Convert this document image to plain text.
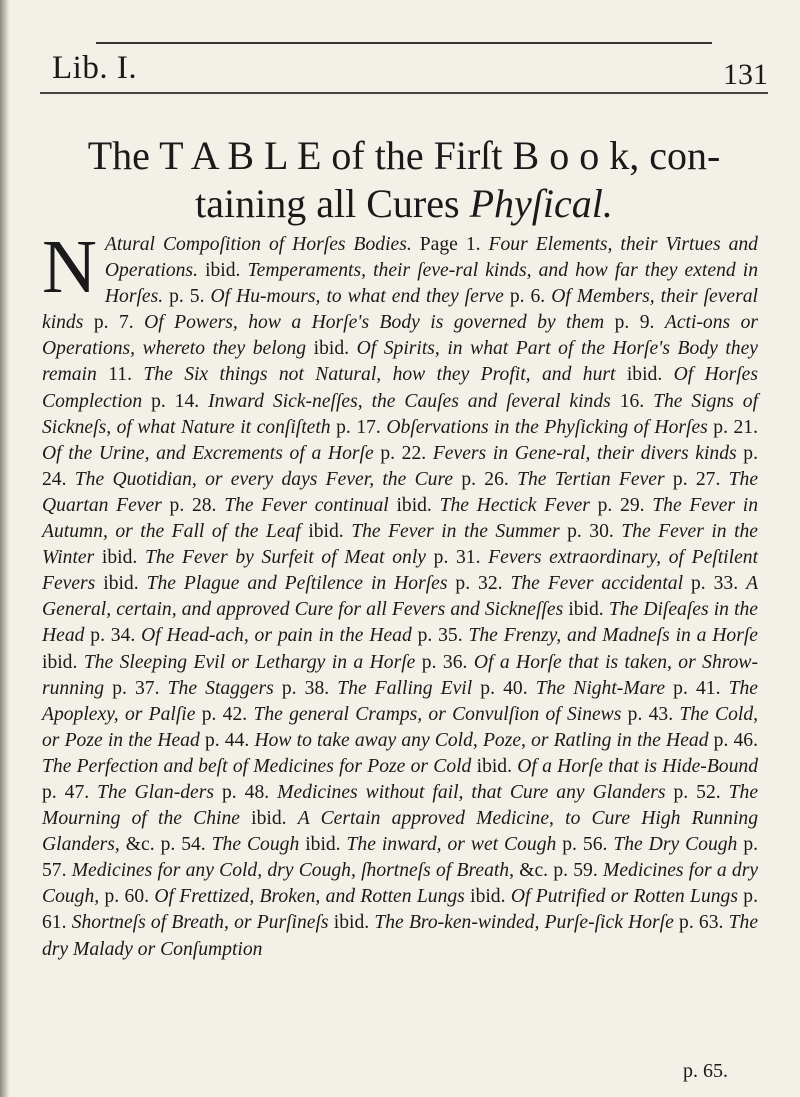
Lib. I.	131
The T A B L E of the Firſt B o o k, con-
taining all Cures Phyſical.
N Atural Compoſition of Horſes Bodies. Page 1. Four Elements, their Virtues and Operations. ibid. Temperaments, their ſeve-ral kinds, and how far they extend in Horſes. p. 5. Of Hu-mours, to what end they ſerve p. 6. Of Members, their ſeveral kinds p. 7. Of Powers, how a Horſe's Body is governed by them p. 9. Acti-ons or Operations, whereto they belong ibid. Of Spirits, in what Part of the Horſe's Body they remain 11. The Six things not Natural, how they Profit, and hurt ibid. Of Horſes Complection p. 14. Inward Sick-neſſes, the Cauſes and ſeveral kinds 16. The Signs of Sickneſs, of what Nature it conſiſteth p. 17. Obſervations in the Phyſicking of Horſes p. 21. Of the Urine, and Excrements of a Horſe p. 22. Fevers in Gene-ral, their divers kinds p. 24. The Quotidian, or every days Fever, the Cure p. 26. The Tertian Fever p. 27. The Quartan Fever p. 28. The Fever continual ibid. The Hectick Fever p. 29. The Fever in Autumn, or the Fall of the Leaf ibid. The Fever in the Summer p. 30. The Fever in the Winter ibid. The Fever by Surfeit of Meat only p. 31. Fevers extraordinary, of Peſtilent Fevers ibid. The Plague and Peſtilence in Horſes p. 32. The Fever accidental p. 33. A General, certain, and approved Cure for all Fevers and Sickneſſes ibid. The Diſeaſes in the Head p. 34. Of Head-ach, or pain in the Head p. 35. The Frenzy, and Madneſs in a Horſe ibid. The Sleeping Evil or Lethargy in a Horſe p. 36. Of a Horſe that is taken, or Shrow-running p. 37. The Staggers p. 38. The Falling Evil p. 40. The Night-Mare p. 41. The Apoplexy, or Palſie p. 42. The general Cramps, or Convulſion of Sinews p. 43. The Cold, or Poze in the Head p. 44. How to take away any Cold, Poze, or Ratling in the Head p. 46. The Perfection and beſt of Medicines for Poze or Cold ibid. Of a Horſe that is Hide-Bound p. 47. The Glan-ders p. 48. Medicines without fail, that Cure any Glanders p. 52. The Mourning of the Chine ibid. A Certain approved Medicine, to Cure High Running Glanders, &c. p. 54. The Cough ibid. The inward, or wet Cough p. 56. The Dry Cough p. 57. Medicines for any Cold, dry Cough, ſhortneſs of Breath, &c. p. 59. Medicines for a dry Cough, p. 60. Of Frettized, Broken, and Rotten Lungs ibid. Of Putrified or Rotten Lungs p. 61. Shortneſs of Breath, or Purſineſs ibid. The Bro-ken-winded, Purſe-ſick Horſe p. 63. The dry Malady or Conſumption
p. 65.
